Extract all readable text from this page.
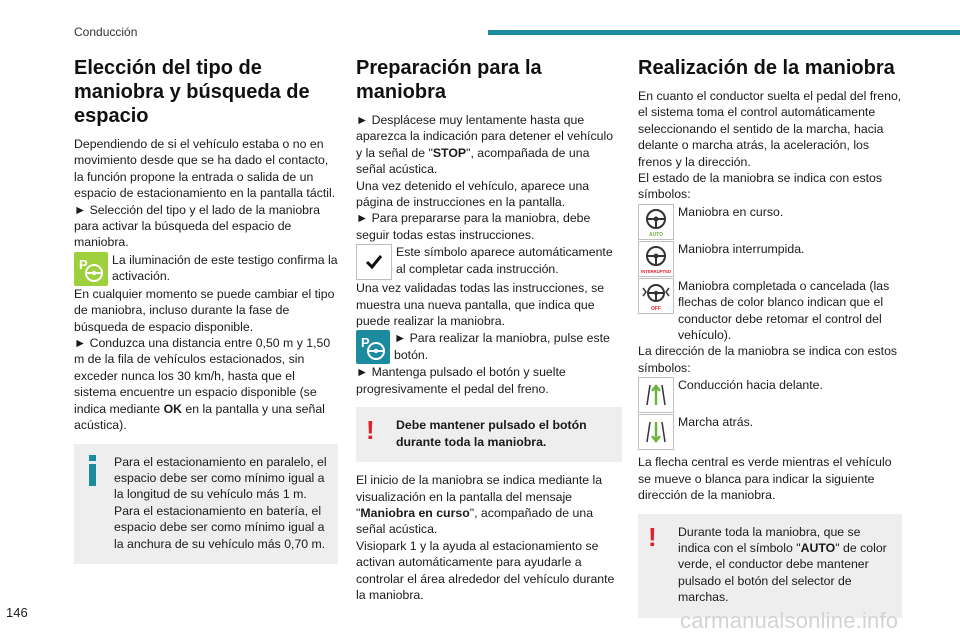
Conducción
Elección del tipo de maniobra y búsqueda de espacio

Dependiendo de si el vehículo estaba o no en movimiento desde que se ha dado el contacto, la función propone la entrada o salida de un espacio de estacionamiento en la pantalla táctil.

► Selección del tipo y el lado de la maniobra para activar la búsqueda del espacio de maniobra.

P La iluminación de este testigo confirma la activación.

En cualquier momento se puede cambiar el tipo de maniobra, incluso durante la fase de búsqueda de espacio disponible.

► Conduzca una distancia entre 0,50 m y 1,50 m de la fila de vehículos estacionados, sin exceder nunca los 30 km/h, hasta que el sistema encuentre un espacio disponible (se indica mediante OK en la pantalla y una señal acústica).

Para el estacionamiento en paralelo, el espacio debe ser como mínimo igual a la longitud de su vehículo más 1 m.

Para el estacionamiento en batería, el espacio debe ser como mínimo igual a la anchura de su vehículo más 0,70 m.

Preparación para la maniobra

► Desplácese muy lentamente hasta que aparezca la indicación para detener el vehículo y la señal de "STOP", acompañada de una señal acústica.

Una vez detenido el vehículo, aparece una página de instrucciones en la pantalla.

► Para prepararse para la maniobra, debe seguir todas estas instrucciones.

Este símbolo aparece automáticamente al completar cada instrucción.

Una vez validadas todas las instrucciones, se muestra una nueva pantalla, que indica que puede realizar la maniobra.

P ► Para realizar la maniobra, pulse este botón.

► Mantenga pulsado el botón y suelte progresivamente el pedal del freno.

!	Debe mantener pulsado el botón durante toda la maniobra.

El inicio de la maniobra se indica mediante la visualización en la pantalla del mensaje "Maniobra en curso", acompañado de una señal acústica.

Visiopark 1 y la ayuda al estacionamiento se activan automáticamente para ayudarle a controlar el área alrededor del vehículo durante la maniobra.

Realización de la maniobra

En cuanto el conductor suelta el pedal del freno, el sistema toma el control automáticamente seleccionando el sentido de la marcha, hacia delante o marcha atrás, la aceleración, los frenos y la dirección.

El estado de la maniobra se indica con estos símbolos:

AUTO
Maniobra en curso.
INTERRUPTED
Maniobra interrumpida.
OFF
Maniobra completada o cancelada (las flechas de color blanco indican que el conductor debe retomar el control del vehículo).

La dirección de la maniobra se indica con estos símbolos:

Conducción hacia delante.
Marcha atrás.

La flecha central es verde mientras el vehículo se mueve o blanca para indicar la siguiente dirección de la maniobra.

!	Durante toda la maniobra, que se indica con el símbolo "AUTO" de color verde, el conductor debe mantener pulsado el botón del selector de marchas.
146	carmanualsonline.info
